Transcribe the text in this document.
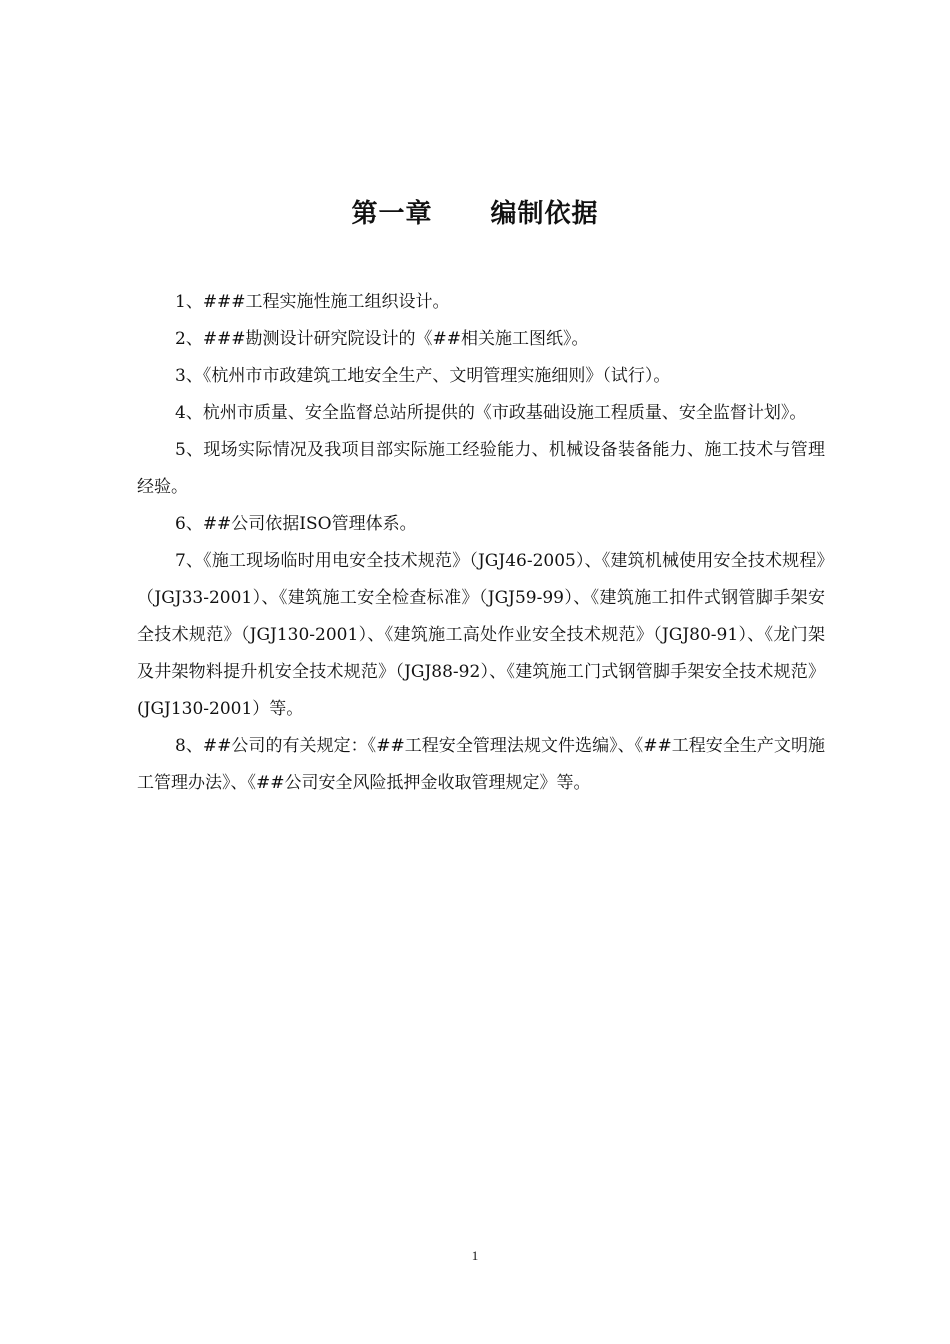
第一章 编制依据

1、###工程实施性施工组织设计。

2、###勘测设计研究院设计的《##相关施工图纸》。

3、《杭州市市政建筑工地安全生产、文明管理实施细则》（试行）。

4、杭州市质量、安全监督总站所提供的《市政基础设施工程质量、安全监督计划》。

5、现场实际情况及我项目部实际施工经验能力、机械设备装备能力、施工技术与管理经验。

6、##公司依据ISO管理体系。

7、《施工现场临时用电安全技术规范》（JGJ46-2005）、《建筑机械使用安全技术规程》（JGJ33-2001）、《建筑施工安全检查标准》（JGJ59-99）、《建筑施工扣件式钢管脚手架安全技术规范》（JGJ130-2001）、《建筑施工高处作业安全技术规范》（JGJ80-91）、《龙门架及井架物料提升机安全技术规范》（JGJ88-92）、《建筑施工门式钢管脚手架安全技术规范》(JGJ130-2001）等。

8、##公司的有关规定：《##工程安全管理法规文件选编》、《##工程安全生产文明施工管理办法》、《##公司安全风险抵押金收取管理规定》等。

1
